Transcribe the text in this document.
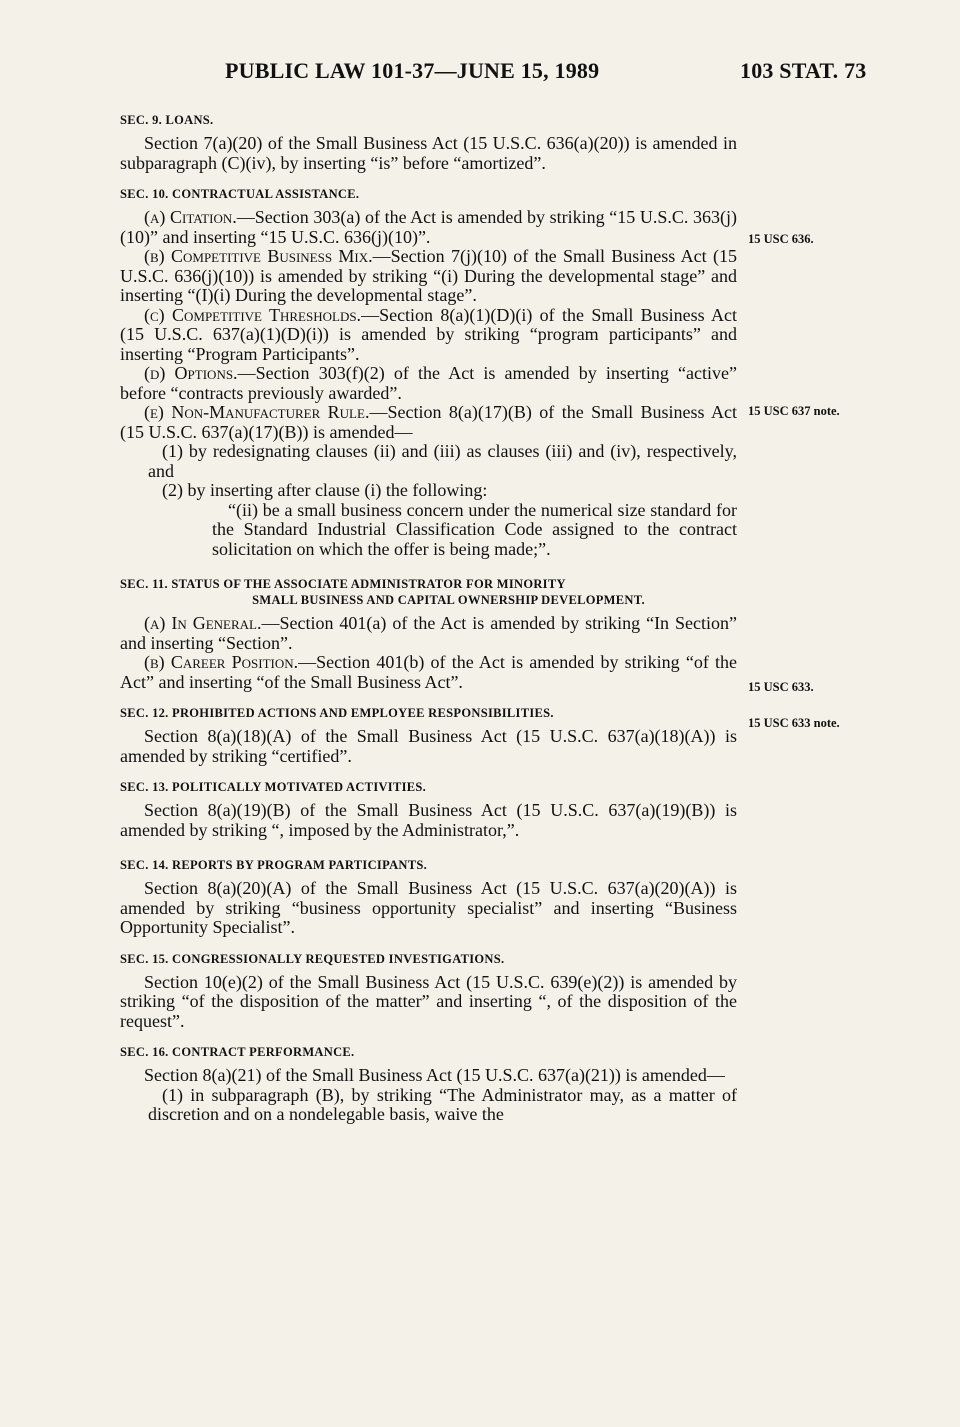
PUBLIC LAW 101-37—JUNE 15, 1989	103 STAT. 73
15 USC 636.
15 USC 637 note.
15 USC 633.
15 USC 633 note.
SEC. 9. LOANS.

Section 7(a)(20) of the Small Business Act (15 U.S.C. 636(a)(20)) is amended in subparagraph (C)(iv), by inserting “is” before “amortized”.

SEC. 10. CONTRACTUAL ASSISTANCE.

(a) Citation.—Section 303(a) of the Act is amended by striking “15 U.S.C. 363(j)(10)” and inserting “15 U.S.C. 636(j)(10)”.

(b) Competitive Business Mix.—Section 7(j)(10) of the Small Business Act (15 U.S.C. 636(j)(10)) is amended by striking “(i) During the developmental stage” and inserting “(I)(i) During the developmental stage”.

(c) Competitive Thresholds.—Section 8(a)(1)(D)(i) of the Small Business Act (15 U.S.C. 637(a)(1)(D)(i)) is amended by striking “program participants” and inserting “Program Participants”.

(d) Options.—Section 303(f)(2) of the Act is amended by inserting “active” before “contracts previously awarded”.

(e) Non-Manufacturer Rule.—Section 8(a)(17)(B) of the Small Business Act (15 U.S.C. 637(a)(17)(B)) is amended—

(1) by redesignating clauses (ii) and (iii) as clauses (iii) and (iv), respectively, and

(2) by inserting after clause (i) the following:

“(ii) be a small business concern under the numerical size standard for the Standard Industrial Classification Code assigned to the contract solicitation on which the offer is being made;”.

SEC. 11. STATUS OF THE ASSOCIATE ADMINISTRATOR FOR MINORITY
SMALL BUSINESS AND CAPITAL OWNERSHIP DEVELOPMENT.

(a) In General.—Section 401(a) of the Act is amended by striking “In Section” and inserting “Section”.

(b) Career Position.—Section 401(b) of the Act is amended by striking “of the Act” and inserting “of the Small Business Act”.

SEC. 12. PROHIBITED ACTIONS AND EMPLOYEE RESPONSIBILITIES.

Section 8(a)(18)(A) of the Small Business Act (15 U.S.C. 637(a)(18)(A)) is amended by striking “certified”.

SEC. 13. POLITICALLY MOTIVATED ACTIVITIES.

Section 8(a)(19)(B) of the Small Business Act (15 U.S.C. 637(a)(19)(B)) is amended by striking “, imposed by the Administrator,”.

SEC. 14. REPORTS BY PROGRAM PARTICIPANTS.

Section 8(a)(20)(A) of the Small Business Act (15 U.S.C. 637(a)(20)(A)) is amended by striking “business opportunity specialist” and inserting “Business Opportunity Specialist”.

SEC. 15. CONGRESSIONALLY REQUESTED INVESTIGATIONS.

Section 10(e)(2) of the Small Business Act (15 U.S.C. 639(e)(2)) is amended by striking “of the disposition of the matter” and inserting “, of the disposition of the request”.

SEC. 16. CONTRACT PERFORMANCE.

Section 8(a)(21) of the Small Business Act (15 U.S.C. 637(a)(21)) is amended—

(1) in subparagraph (B), by striking “The Administrator may, as a matter of discretion and on a nondelegable basis, waive the
